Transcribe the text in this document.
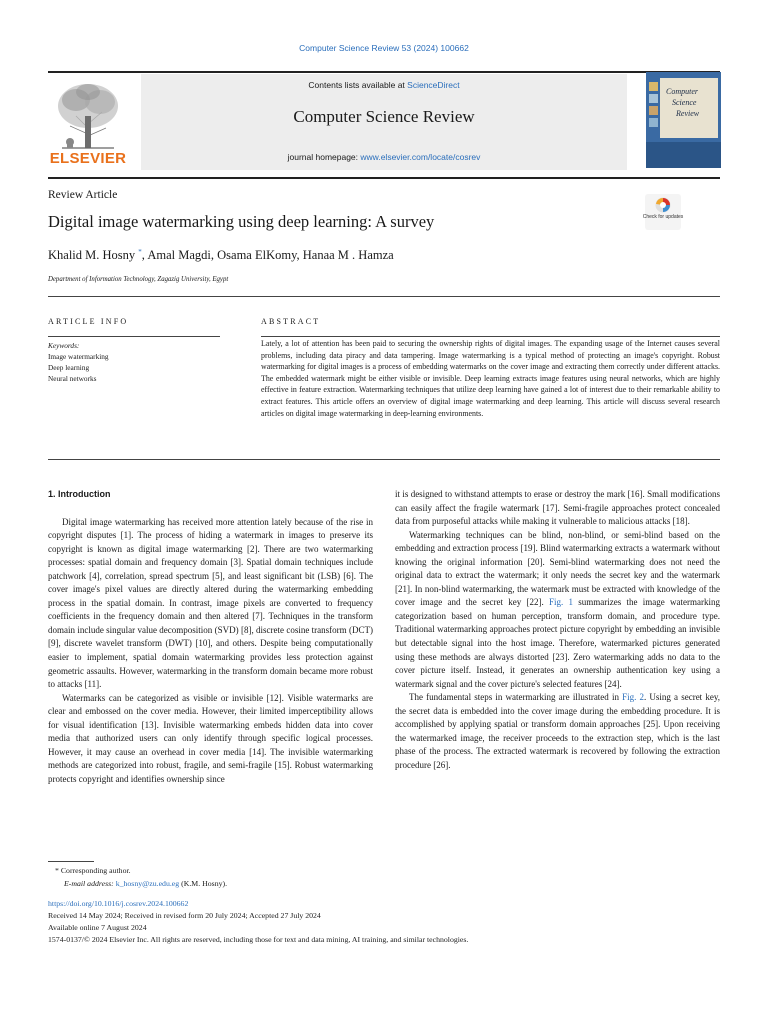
Computer Science Review 53 (2024) 100662
ELSEVIER
Contents lists available at ScienceDirect
Computer Science Review
journal homepage: www.elsevier.com/locate/cosrev
Computer
Science
Review
Review Article
Digital image watermarking using deep learning: A survey	Check for updates
Khalid M. Hosny *, Amal Magdi, Osama ElKomy, Hanaa M . Hamza
Department of Information Technology, Zagazig University, Egypt
ARTICLE INFO
Keywords:
Image watermarking
Deep learning
Neural networks
ABSTRACT
Lately, a lot of attention has been paid to securing the ownership rights of digital images. The expanding usage of the Internet causes several problems, including data piracy and data tampering. Image watermarking is a typical method of protecting an image's copyright. Robust watermarking for digital images is a process of embedding watermarks on the cover image and extracting them correctly under different attacks. The embedded watermark might be either visible or invisible. Deep learning extracts image features using neural networks, which are highly effective in feature extraction. Watermarking techniques that utilize deep learning have gained a lot of interest due to their remarkable ability to extract features. This article offers an overview of digital image watermarking and deep learning. This article will discuss several research articles on digital image watermarking in deep-learning environments.
1. Introduction

Digital image watermarking has received more attention lately because of the rise in copyright disputes [1]. The process of hiding a watermark in images to preserve its copyright is known as digital image watermarking [2]. There are two watermarking processes: spatial domain and frequency domain [3]. Spatial domain techniques include patchwork [4], correlation, spread spectrum [5], and least significant bit (LSB) [6]. The cover image's pixel values are directly altered during the watermarking embedding process in the spatial domain. In contrast, image pixels are converted to frequency coefficients in the frequency domain and then altered [7]. Techniques in the transform domain include singular value decomposition (SVD) [8], discrete cosine transform (DCT) [9], discrete wavelet transform (DWT) [10], and others. Despite being computationally easier to implement, spatial domain watermarking provides less protection against geometric assaults. However, watermarking in the transform domain became more robust to attacks [11].

Watermarks can be categorized as visible or invisible [12]. Visible watermarks are clear and embossed on the cover media. However, their limited imperceptibility allows for visual identification [13]. Invisible watermarking embeds hidden data into cover media that authorized users can only identify through specific logical processes. However, it may cause an overhead in cover media [14]. The invisible watermarking methods are categorized into robust, fragile, and semi-fragile [15]. Robust watermarking protects copyright and identifies ownership since

it is designed to withstand attempts to erase or destroy the mark [16]. Small modifications can easily affect the fragile watermark [17]. Semi-fragile approaches protect concealed data from purposeful attacks while making it vulnerable to malicious attacks [18].

Watermarking techniques can be blind, non-blind, or semi-blind based on the embedding and extraction process [19]. Blind watermarking extracts a watermark without knowing the original information [20]. Semi-blind watermarking does not need the original data to extract the watermark; it only needs the secret key and the watermark [21]. In non-blind watermarking, the watermark must be extracted with knowledge of the cover image and the secret key [22]. Fig. 1 summarizes the image watermarking categorization based on human perception, transform domain, and procedure type. Traditional watermarking approaches protect picture copyright by embedding an invisible but detectable signal into the host image. Therefore, watermarked pictures generated using these methods are always distorted [23]. Zero watermarking adds no data to the cover picture itself. Instead, it generates an ownership authentication key using a watermark signal and the cover picture's selected features [24].

The fundamental steps in watermarking are illustrated in Fig. 2. Using a secret key, the secret data is embedded into the cover image during the embedding procedure. It is accomplished by applying spatial or transform domain approaches [25]. Upon receiving the watermarked image, the receiver proceeds to the extraction step, which is the last phase of the process. The extracted watermark is recovered by following the extraction procedure [26].

* Corresponding author.
E-mail address: k_hosny@zu.edu.eg (K.M. Hosny).
https://doi.org/10.1016/j.cosrev.2024.100662
Received 14 May 2024; Received in revised form 20 July 2024; Accepted 27 July 2024
Available online 7 August 2024
1574-0137/© 2024 Elsevier Inc. All rights are reserved, including those for text and data mining, AI training, and similar technologies.
